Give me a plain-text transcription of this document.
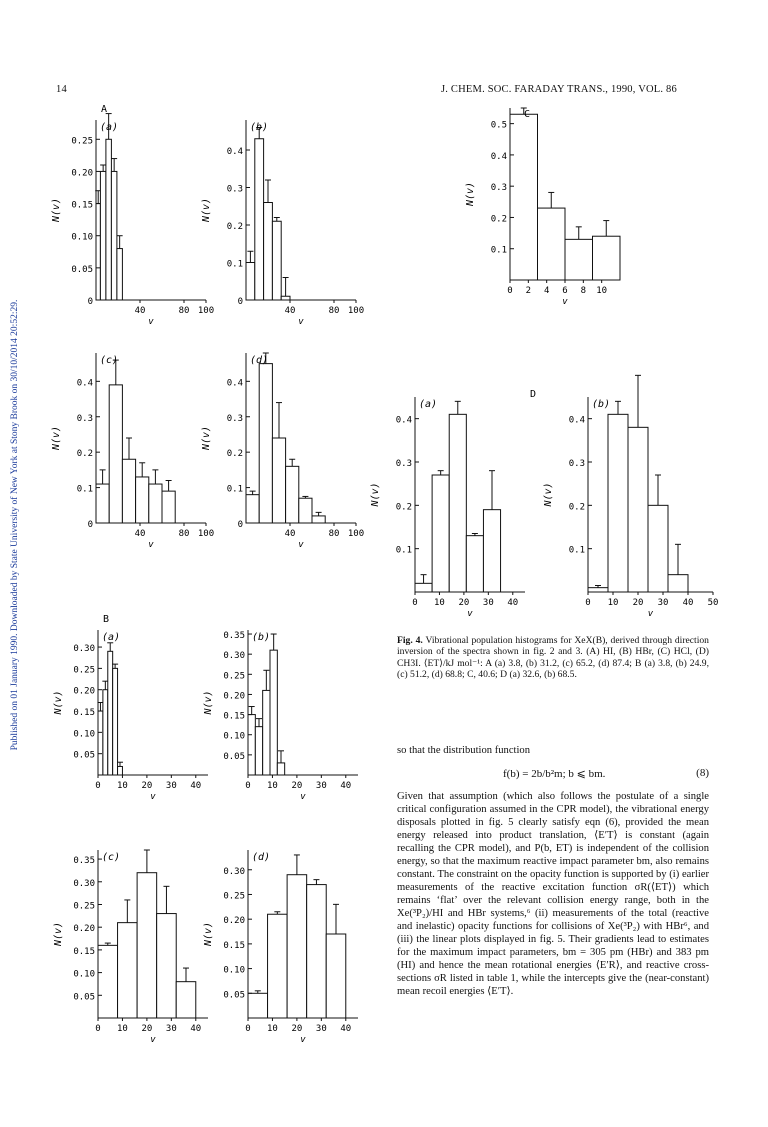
14	J. CHEM. SOC. FARADAY TRANS., 1990, VOL. 86
Published on 01 January 1990. Downloaded by State University of New York at Stony Brook on 30/10/2014 20:52:29.
0.05
0.10
0.15
0.20
0.25
0
40	80 100
v
N(v)
(a)
A
0.1
0.2
0.3
0.4
0
40	80 100
v
N(v)
(b)
0.1
0.2
0.3
0.4
0.5
0 2 4 6 8 10
v
N(v)
C
0.1
0.2
0.3
0.4
0
40	80 100
v
N(v)
(c)
0.1
0.2
0.3
0.4
0
40	80 100
v
N(v)
(d)
0.1
0.2
0.3
0.4
0 10 20 30 40
v
N(v)
(a)
D
0.1
0.2
0.3
0.4
0 10 20 30 40 50
v
N(v)
(b)
0.05
0.10
0.15
0.20
0.25
0.30
0 10 20 30 40
v
N(v)
(a)
B
0.05
0.10
0.15
0.20
0.25
0.30
0.35
0 10 20 30 40
v
N(v)
(b)
0.05
0.10
0.15
0.20
0.25
0.30
0.35
0 10 20 30 40
v
N(v)
(c)
0.05
0.10
0.15
0.20
0.25
0.30
0 10 20 30 40
v
N(v)
(d)
Fig. 4. Vibrational population histograms for XeX(B), derived through direction inversion of the spectra shown in fig. 2 and 3. (A) HI, (B) HBr, (C) HCl, (D) CH3I. ⟨ET⟩/kJ mol⁻¹: A (a) 3.8, (b) 31.2, (c) 65.2, (d) 87.4; B (a) 3.8, (b) 24.9, (c) 51.2, (d) 68.8; C, 40.6; D (a) 32.6, (b) 68.5.
so that the distribution function
f(b) = 2b/b²m; b ⩽ bm.	(8)
Given that assumption (which also follows the postulate of a single critical configuration assumed in the CPR model), the vibrational energy disposals plotted in fig. 5 clearly satisfy eqn (6), provided the mean energy released into product translation, ⟨E′T⟩ is constant (again recalling the CPR model), and P(b, ET) is independent of the collision energy, so that the maximum reactive impact parameter bm, also remains constant. The constraint on the opacity function is supported by (i) earlier measurements of the reactive excitation function σR(⟨ET⟩) which remains ‘flat’ over the relevant collision energy range, both in the Xe(³P₂)/HI and HBr systems,⁶ (ii) measurements of the total (reactive and inelastic) opacity functions for collisions of Xe(³P₂) with HBr⁶, and (iii) the linear plots displayed in fig. 5. Their gradients lead to estimates for the maximum impact parameters, bm = 305 pm (HBr) and 383 pm (HI) and hence the mean rotational energies ⟨E′R⟩, and reactive cross-sections σR listed in table 1, while the intercepts give the (near-constant) mean recoil energies ⟨E′T⟩.
